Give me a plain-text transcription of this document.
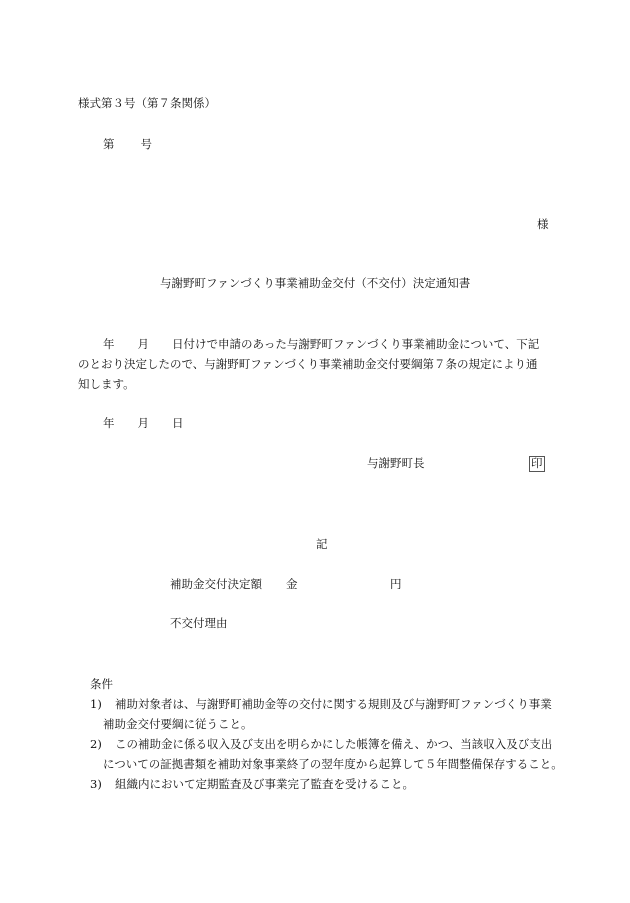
様式第３号（第７条関係）
第　　号
様
与謝野町ファンづくり事業補助金交付（不交付）決定通知書
年　　月　　日付けで申請のあった与謝野町ファンづくり事業補助金について、下記
のとおり決定したので、与謝野町ファンづくり事業補助金交付要綱第７条の規定により通
知します。
年　　月　　日
与謝野町長	印
記
補助金交付決定額 金	円
不交付理由
条件
1) 補助対象者は、与謝野町補助金等の交付に関する規則及び与謝野町ファンづくり事業
補助金交付要綱に従うこと。
2) この補助金に係る収入及び支出を明らかにした帳簿を備え、かつ、当該収入及び支出
についての証拠書類を補助対象事業終了の翌年度から起算して５年間整備保存すること。
3) 組織内において定期監査及び事業完了監査を受けること。
